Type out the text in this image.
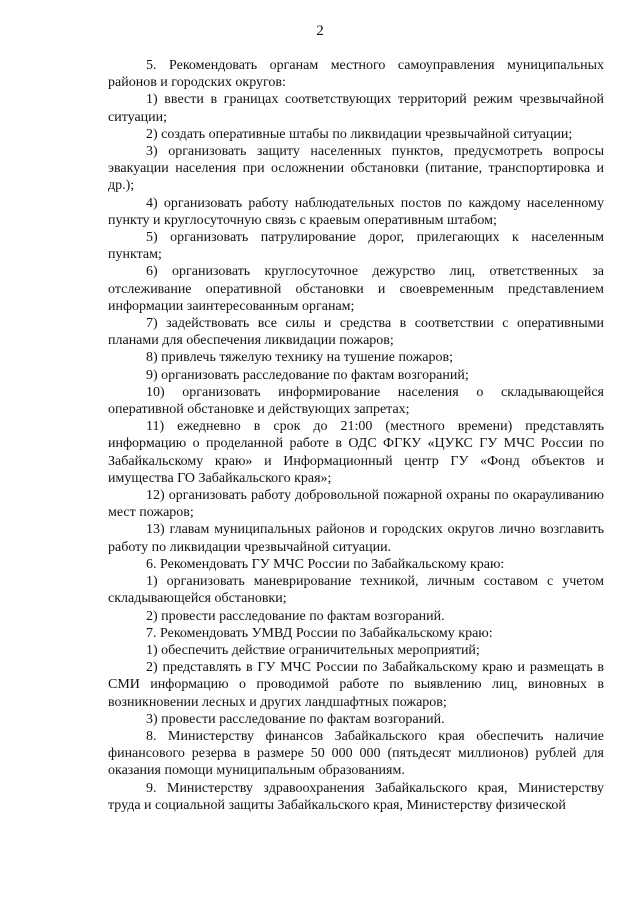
2

5. Рекомендовать органам местного самоуправления муниципальных районов и городских округов:

1) ввести в границах соответствующих территорий режим чрезвычайной ситуации;

2) создать оперативные штабы по ликвидации чрезвычайной ситуации;

3) организовать защиту населенных пунктов, предусмотреть вопросы эвакуации населения при осложнении обстановки (питание, транспортировка и др.);

4) организовать работу наблюдательных постов по каждому населенному пункту и круглосуточную связь с краевым оперативным штабом;

5) организовать патрулирование дорог, прилегающих к населенным пунктам;

6) организовать круглосуточное дежурство лиц, ответственных за отслеживание оперативной обстановки и своевременным представлением информации заинтересованным органам;

7) задействовать все силы и средства в соответствии с оперативными планами для обеспечения ликвидации пожаров;

8) привлечь тяжелую технику на тушение пожаров;

9) организовать расследование по фактам возгораний;

10) организовать информирование населения о складывающейся оперативной обстановке и действующих запретах;

11) ежедневно в срок до 21:00 (местного времени) представлять информацию о проделанной работе в ОДС ФГКУ «ЦУКС ГУ МЧС России по Забайкальскому краю» и Информационный центр ГУ «Фонд объектов и имущества ГО Забайкальского края»;

12) организовать работу добровольной пожарной охраны по окарауливанию мест пожаров;

13) главам муниципальных районов и городских округов лично возглавить работу по ликвидации чрезвычайной ситуации.

6. Рекомендовать ГУ МЧС России по Забайкальскому краю:

1) организовать маневрирование техникой, личным составом с учетом складывающейся обстановки;

2) провести расследование по фактам возгораний.

7. Рекомендовать УМВД России по Забайкальскому краю:

1) обеспечить действие ограничительных мероприятий;

2) представлять в ГУ МЧС России по Забайкальскому краю и размещать в СМИ информацию о проводимой работе по выявлению лиц, виновных в возникновении лесных и других ландшафтных пожаров;

3) провести расследование по фактам возгораний.

8. Министерству финансов Забайкальского края обеспечить наличие финансового резерва в размере 50 000 000 (пятьдесят миллионов) рублей для оказания помощи муниципальным образованиям.

9. Министерству здравоохранения Забайкальского края, Министерству труда и социальной защиты Забайкальского края, Министерству физической
